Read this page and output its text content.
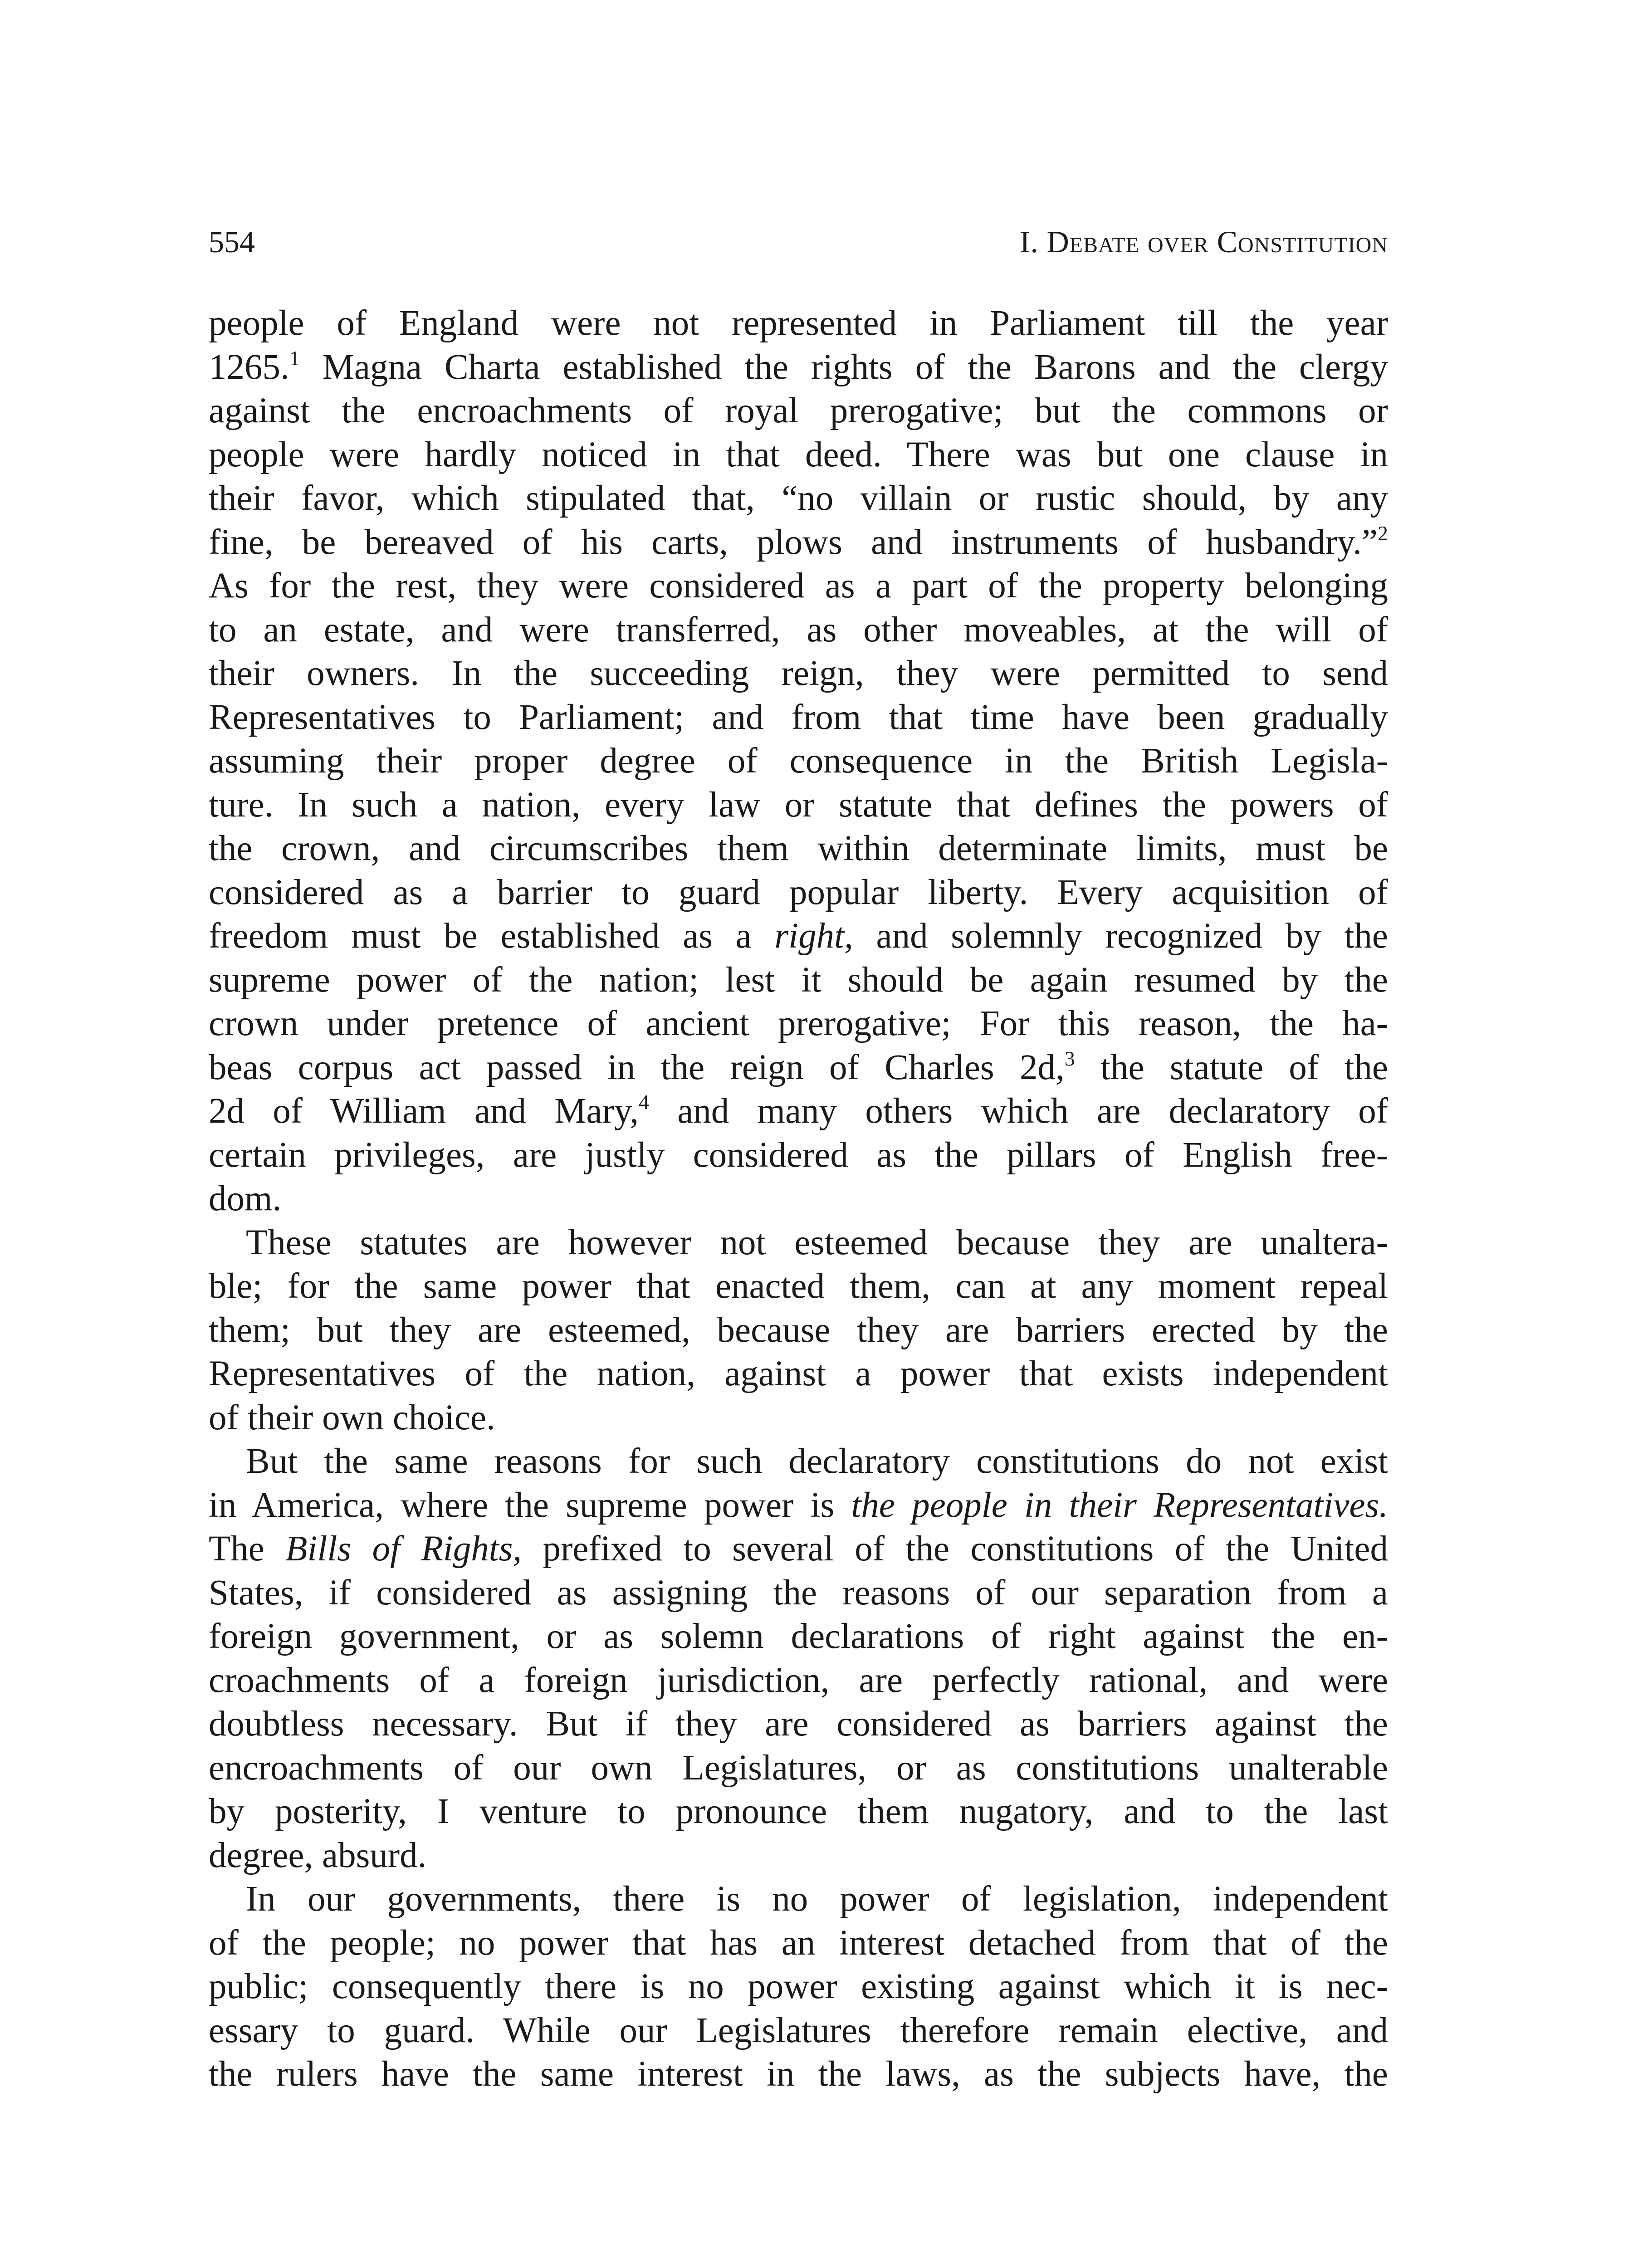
554	I. Debate over Constitution
people of England were not represented in Parliament till the year
1265.$^1$ Magna Charta established the rights of the Barons and the clergy
against the encroachments of royal prerogative; but the commons or
people were hardly noticed in that deed. There was but one clause in
their favor, which stipulated that, “no villain or rustic should, by any
fine, be bereaved of his carts, plows and instruments of husbandry.”$^2$
As for the rest, they were considered as a part of the property belonging
to an estate, and were transferred, as other moveables, at the will of
their owners. In the succeeding reign, they were permitted to send
Representatives to Parliament; and from that time have been gradually
assuming their proper degree of consequence in the British Legisla-
ture. In such a nation, every law or statute that defines the powers of
the crown, and circumscribes them within determinate limits, must be
considered as a barrier to guard popular liberty. Every acquisition of
freedom must be established as a right, and solemnly recognized by the
supreme power of the nation; lest it should be again resumed by the
crown under pretence of ancient prerogative; For this reason, the ha-
beas corpus act passed in the reign of Charles 2d,$^3$ the statute of the
2d of William and Mary,$^4$ and many others which are declaratory of
certain privileges, are justly considered as the pillars of English free-
dom.
These statutes are however not esteemed because they are unaltera-
ble; for the same power that enacted them, can at any moment repeal
them; but they are esteemed, because they are barriers erected by the
Representatives of the nation, against a power that exists independent
of their own choice.
But the same reasons for such declaratory constitutions do not exist
in America, where the supreme power is the people in their Representatives.
The Bills of Rights, prefixed to several of the constitutions of the United
States, if considered as assigning the reasons of our separation from a
foreign government, or as solemn declarations of right against the en-
croachments of a foreign jurisdiction, are perfectly rational, and were
doubtless necessary. But if they are considered as barriers against the
encroachments of our own Legislatures, or as constitutions unalterable
by posterity, I venture to pronounce them nugatory, and to the last
degree, absurd.
In our governments, there is no power of legislation, independent
of the people; no power that has an interest detached from that of the
public; consequently there is no power existing against which it is nec-
essary to guard. While our Legislatures therefore remain elective, and
the rulers have the same interest in the laws, as the subjects have, the
